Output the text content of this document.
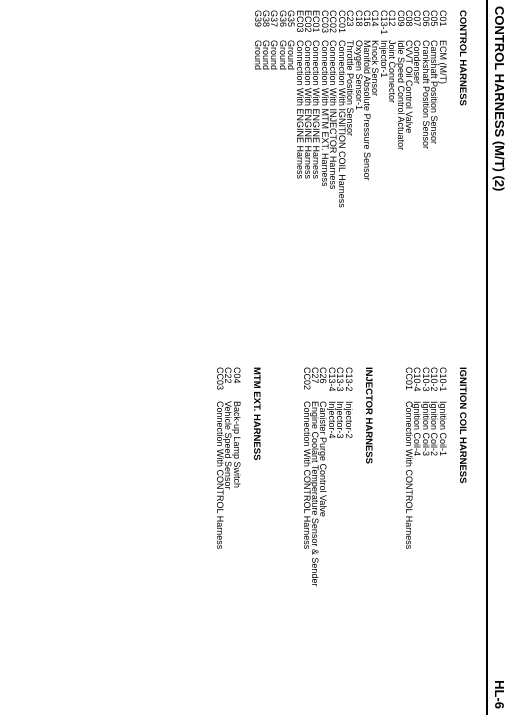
CONTROL HARNESS (M/T) (2)
HL-6
CONTROL HARNESS
C01
ECM (M/T)
C05
Camshaft Position Sensor
C06
Crankshaft Position Sensor
C07
Condenser
C08
CVVT Oil Control Valve
C09
Idle Speed Control Actuator
C12
Joint Connector
C13-1
Injector-1
C14
Knock Sensor
C16
Manifold Absolute Pressure Sensor
C18
Oxygen Sensor-1
C23
Throttle Position Sensor
CC01
Connection With IGNITION COIL Harness
CC02
Connection With INJECTOR Harness
CC03
Connection With MTM EXT. Harness
EC01
Connection With ENGINE Harness
EC02
Connection With ENGINE Harness
EC03
Connection With ENGINE Harness
G35
Ground
G36
Ground
G37
Ground
G38
Ground
G39
Ground
IGNITION COIL HARNESS
C10-1
Ignition Coil-1
C10-2
Ignition Coil-2
C10-3
Ignition Coil-3
C10-4
Ignition Coil-4
CC01
Connection With CONTROL Harness
INJECTOR HARNESS
C13-2
Injector-2
C13-3
Injector-3
C13-4
Injector-4
C26
Canister Purge Control Valve
C27
Engine Coolant Temperature Sensor & Sender
CC02
Connection With CONTROL Harness
MTM EXT. HARNESS
C04
Back-up Lamp Switch
C22
Vehicle Speed Sensor
CC03
Connection With CONTROL Harness
